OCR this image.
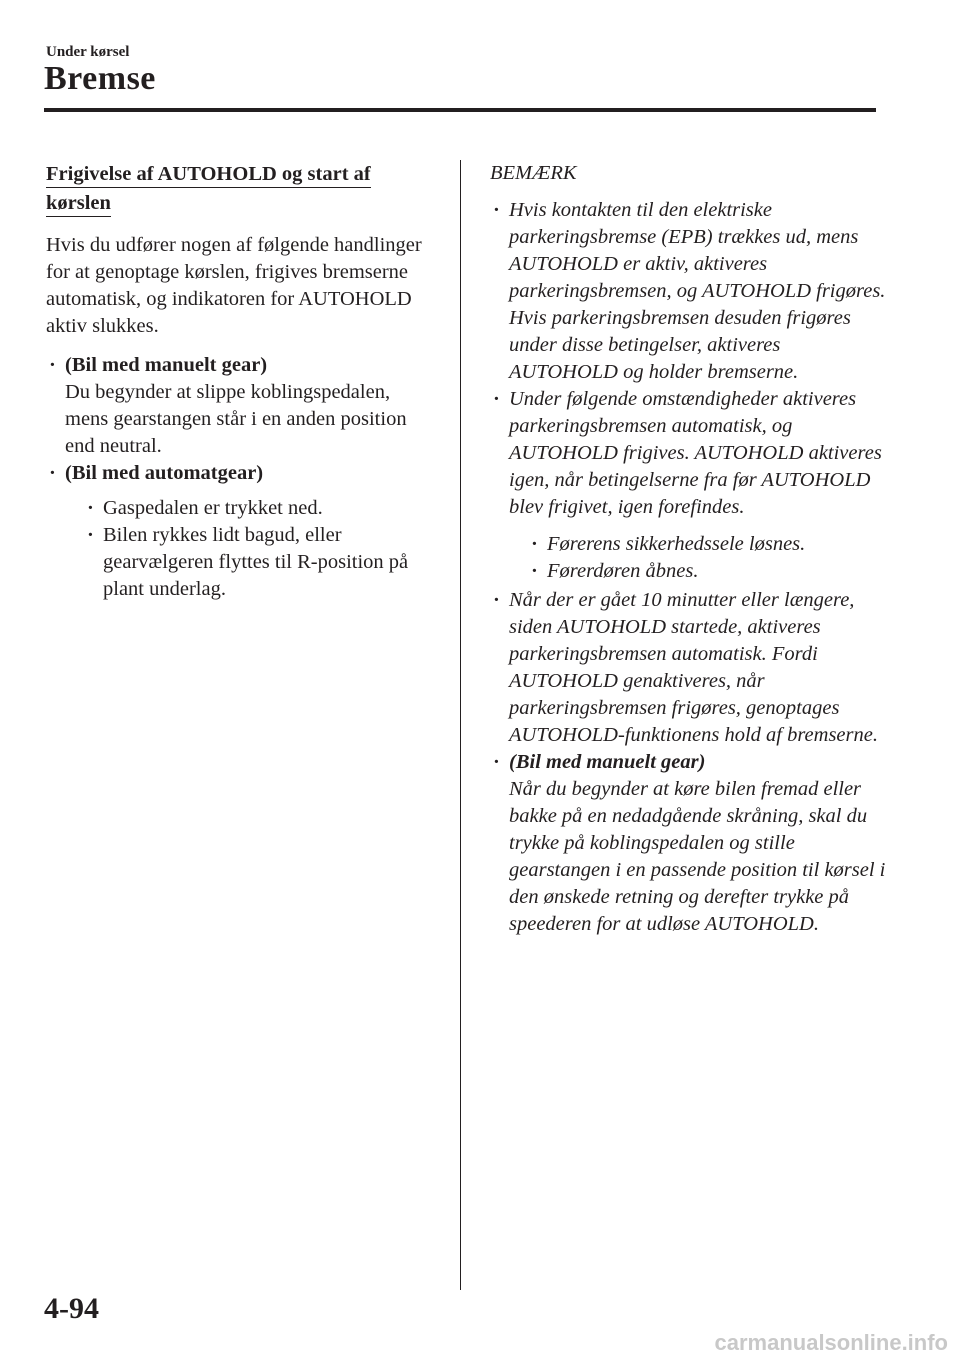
Under kørsel
Bremse

Frigivelse af AUTOHOLD og start af
kørslen

Hvis du udfører nogen af følgende handlinger for at genoptage kørslen, frigives bremserne automatisk, og indikatoren for AUTOHOLD aktiv slukkes.

· (Bil med manuelt gear)
Du begynder at slippe koblingspedalen, mens gearstangen står i en anden position end neutral.
· (Bil med automatgear)
· Gaspedalen er trykket ned.
· Bilen rykkes lidt bagud, eller gearvælgeren flyttes til R-position på plant underlag.

BEMÆRK

· Hvis kontakten til den elektriske parkeringsbremse (EPB) trækkes ud, mens AUTOHOLD er aktiv, aktiveres parkeringsbremsen, og AUTOHOLD frigøres. Hvis parkeringsbremsen desuden frigøres under disse betingelser, aktiveres AUTOHOLD og holder bremserne.
· Under følgende omstændigheder aktiveres parkeringsbremsen automatisk, og AUTOHOLD frigives. AUTOHOLD aktiveres igen, når betingelserne fra før AUTOHOLD blev frigivet, igen forefindes.
· Førerens sikkerhedssele løsnes.
· Førerdøren åbnes.
· Når der er gået 10 minutter eller længere, siden AUTOHOLD startede, aktiveres parkeringsbremsen automatisk. Fordi AUTOHOLD genaktiveres, når parkeringsbremsen frigøres, genoptages AUTOHOLD-funktionens hold af bremserne.
· (Bil med manuelt gear)
Når du begynder at køre bilen fremad eller bakke på en nedadgående skråning, skal du trykke på koblingspedalen og stille gearstangen i en passende position til kørsel i den ønskede retning og derefter trykke på speederen for at udløse AUTOHOLD.
4-94
carmanualsonline.info
